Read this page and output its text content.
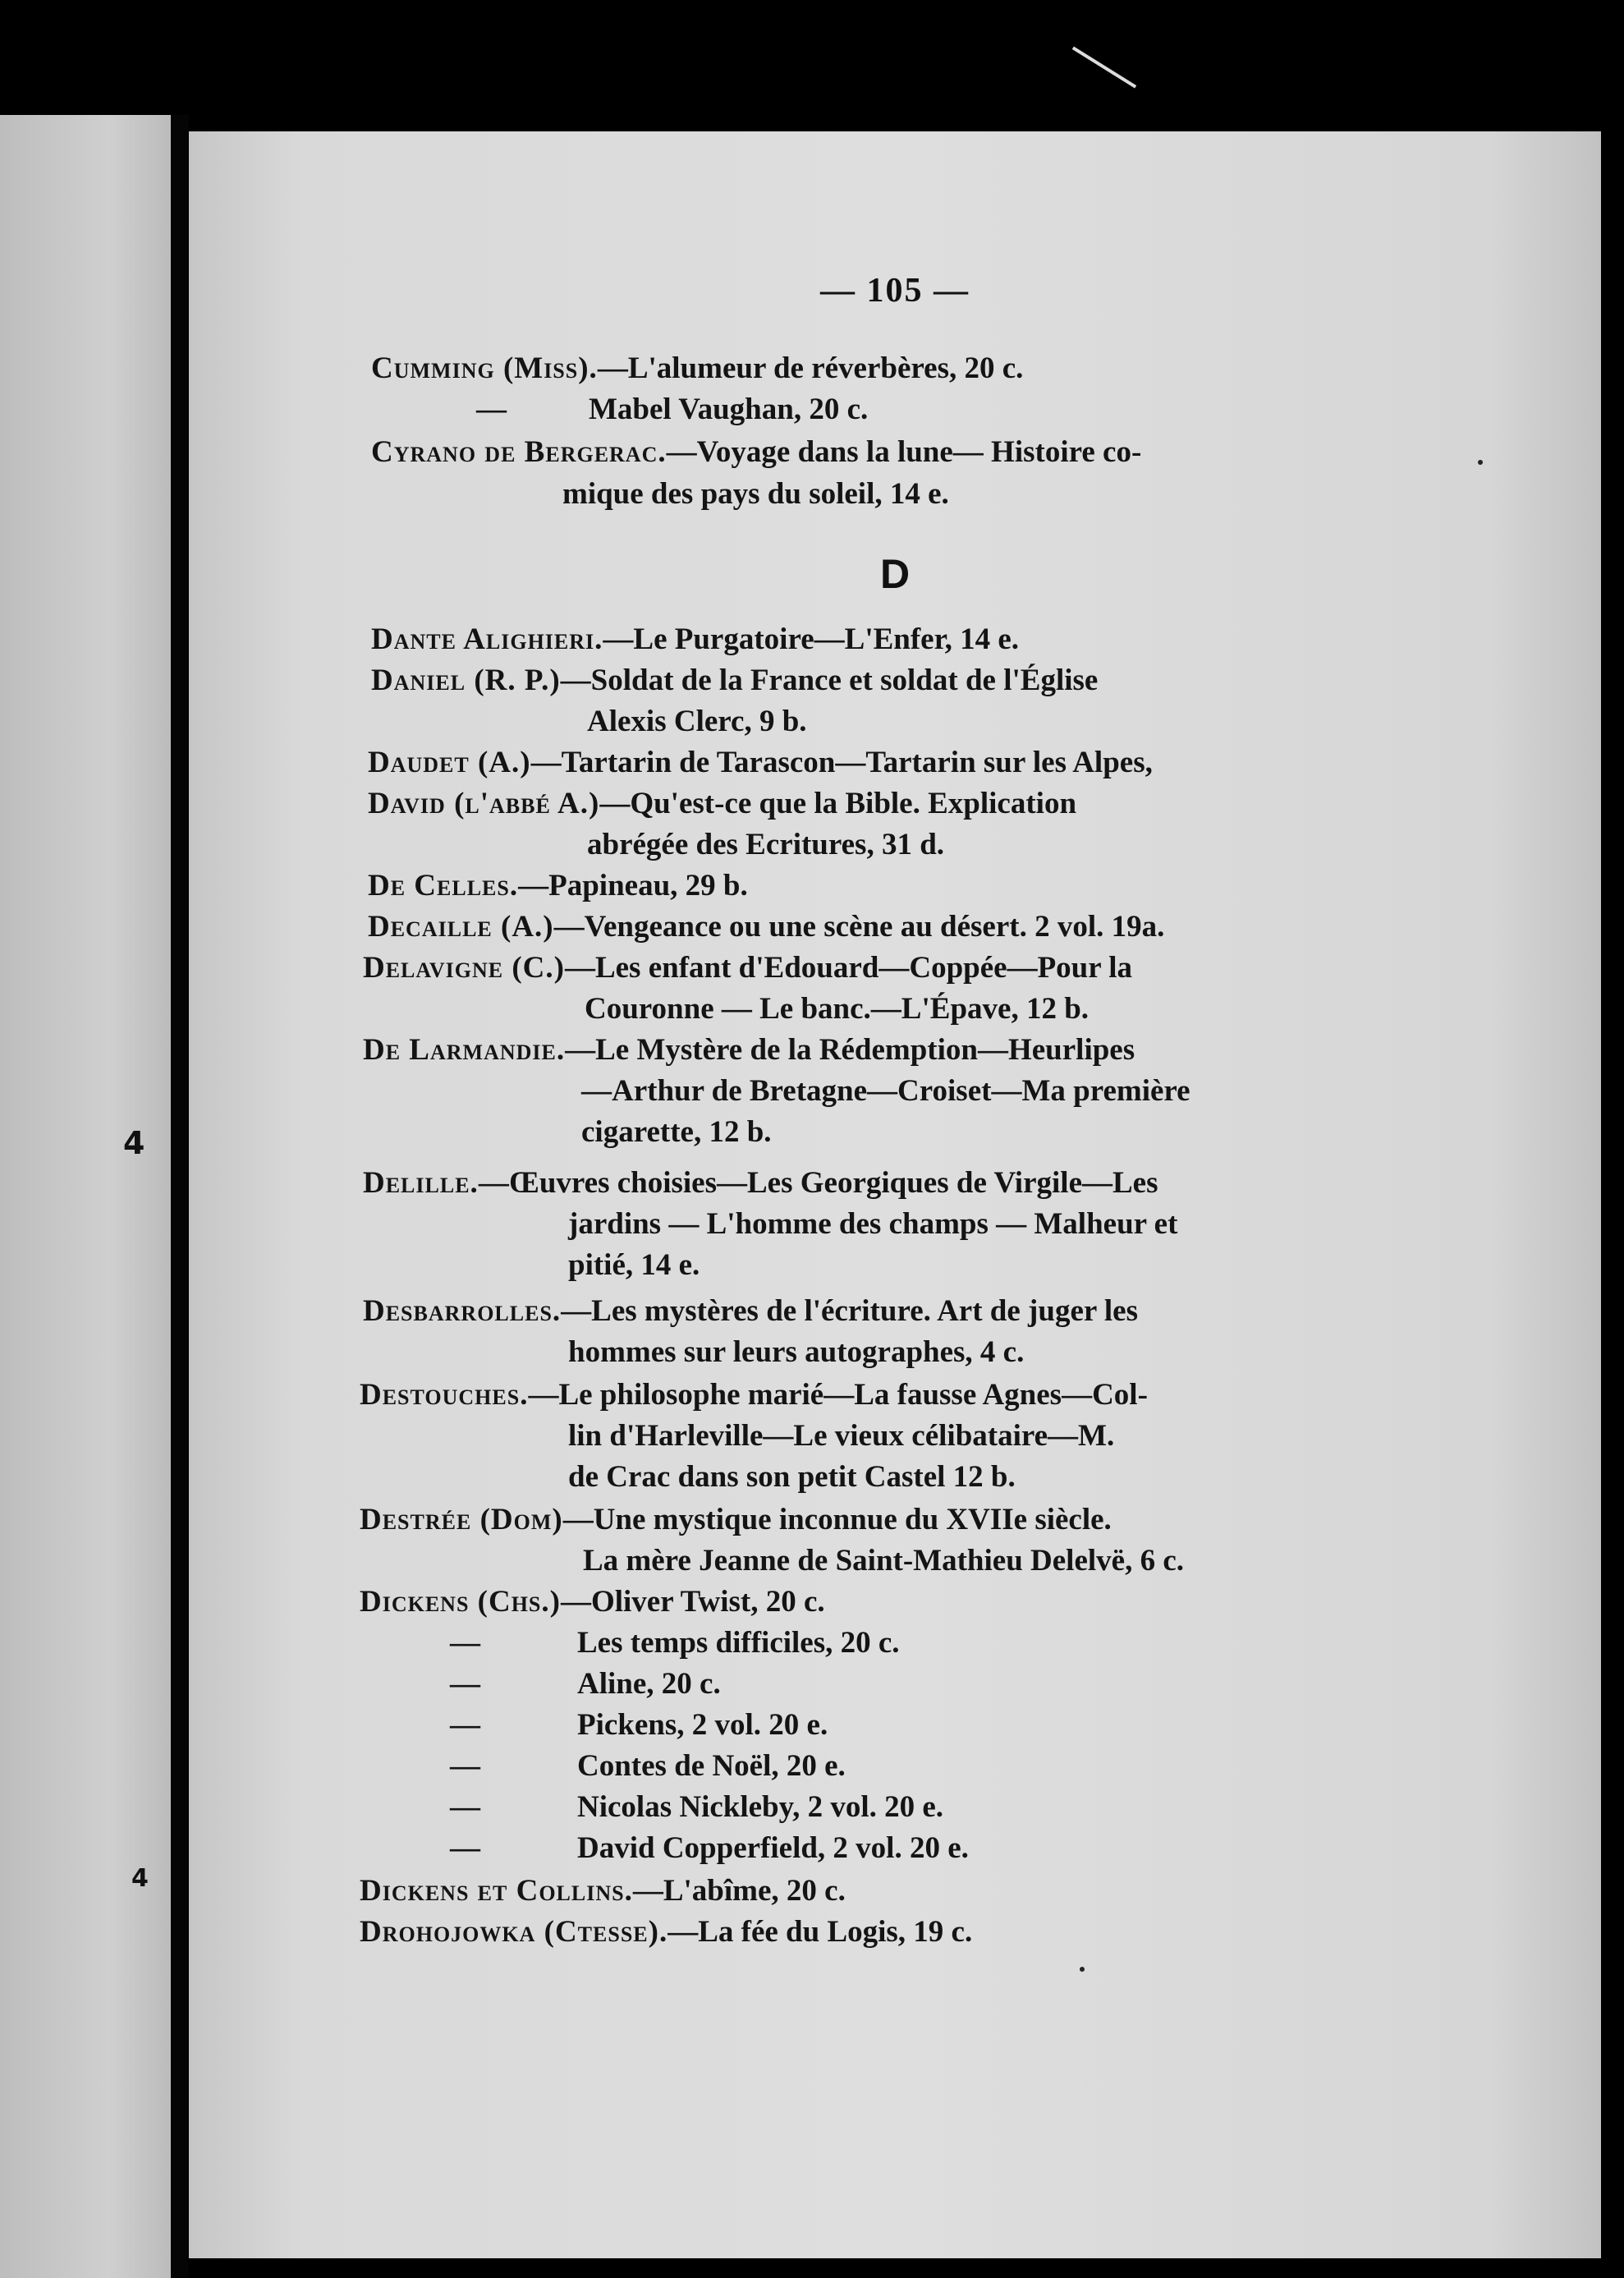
— 105 —
Cumming (Miss).—L'alumeur de réverbères, 20 c.
—	Mabel Vaughan, 20 c.
Cyrano de Bergerac.—Voyage dans la lune— Histoire co-
mique des pays du soleil, 14 e.
D
Dante Alighieri.—Le Purgatoire—L'Enfer, 14 e.
Daniel (R. P.)—Soldat de la France et soldat de l'Église
Alexis Clerc, 9 b.
Daudet (A.)—Tartarin de Tarascon—Tartarin sur les Alpes,
David (l'abbé A.)—Qu'est-ce que la Bible. Explication
abrégée des Ecritures, 31 d.
De Celles.—Papineau, 29 b.
Decaille (A.)—Vengeance ou une scène au désert. 2 vol. 19a.
Delavigne (C.)—Les enfant d'Edouard—Coppée—Pour la
Couronne — Le banc.—L'Épave, 12 b.
De Larmandie.—Le Mystère de la Rédemption—Heurlipes
—Arthur de Bretagne—Croiset—Ma première
cigarette, 12 b.
Delille.—Œuvres choisies—Les Georgiques de Virgile—Les
jardins — L'homme des champs — Malheur et
pitié, 14 e.
Desbarrolles.—Les mystères de l'écriture. Art de juger les
hommes sur leurs autographes, 4 c.
Destouches.—Le philosophe marié—La fausse Agnes—Col-
lin d'Harleville—Le vieux célibataire—M.
de Crac dans son petit Castel 12 b.
Destrée (Dom)—Une mystique inconnue du XVIIe siècle.
La mère Jeanne de Saint-Mathieu Delelvë, 6 c.
Dickens (Chs.)—Oliver Twist, 20 c.
—	Les temps difficiles, 20 c.
—	Aline, 20 c.
—	Pickens, 2 vol. 20 e.
—	Contes de Noël, 20 e.
—	Nicolas Nickleby, 2 vol. 20 e.
—	David Copperfield, 2 vol. 20 e.
Dickens et Collins.—L'abîme, 20 c.
Drohojowka (Ctesse).—La fée du Logis, 19 c.
4
4
